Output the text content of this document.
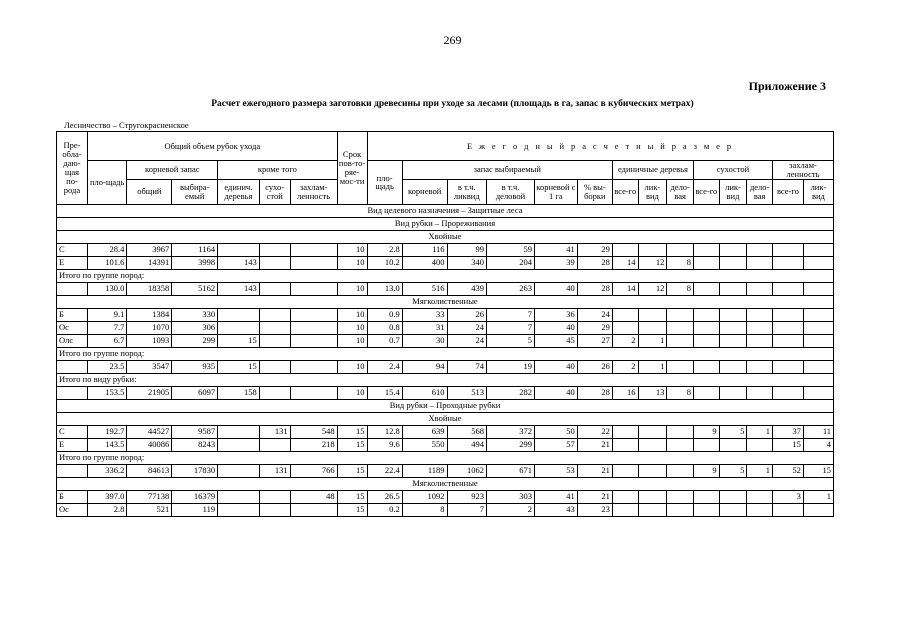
269
Приложение 3
Расчет ежегодного размера заготовки древесины при уходе за лесами (площадь в га, запас в кубических метрах)
Лесничество – Стругокрасненское
Пре-обла-даю-щая по-рода	Общий объем рубок ухода						Срок пов-то-ряе-мос-ти	Е ж е г о д н ы й р а с ч е т н ы й р а з м е р													
	пло-щадь	корневой запас		кроме того				пло-щадь	запас выбираемый					единичные деревья			сухостой			захлам-ленность	
		общий	выбира-емый	единич. деревья	сухо-стой	захлам-ленность			корневой	в т.ч. ликвид	в т.ч. деловой	корневой с 1 га	% вы-борки	все-го	лик-вид	дело-вая	все-го	лик-вид	дело-вая	все-го	лик-вид
Вид целевого назначения – Защитные леса																					
Вид рубки – Прореживания																					
Хвойные																					
С	28.4	3967	1164				10	2.8	116	99	59	41	29								
Е	101.6	14391	3998	143			10	10.2	400	340	204	39	28	14	12	8					
Итого по группе пород:																					
	130.0	18358	5162	143			10	13.0	516	439	263	40	28	14	12	8					
Мягколиственные																					
Б	9.1	1384	330				10	0.9	33	26	7	36	24								
Ос	7.7	1070	306				10	0.8	31	24	7	40	29								
Олс	6.7	1093	299	15			10	0.7	30	24	5	45	27	2	1						
Итого по группе пород:																					
	23.5	3547	935	15			10	2.4	94	74	19	40	26	2	1						
Итого по виду рубки:																					
	153.5	21905	6097	158			10	15.4	610	513	282	40	28	16	13	8					
Вид рубки – Проходные рубки																					
Хвойные																					
С	192.7	44527	9587		131	548	15	12.8	639	568	372	50	22				9	5	1	37	11
Е	143.5	40086	8243			218	15	9.6	550	494	299	57	21							15	4
Итого по группе пород:																					
	336.2	84613	17830		131	766	15	22.4	1189	1062	671	53	21				9	5	1	52	15
Мягколиственные																					
Б	397.0	77138	16379			48	15	26.5	1092	923	303	41	21							3	1
Ос	2.8	521	119				15	0.2	8	7	2	43	23								
